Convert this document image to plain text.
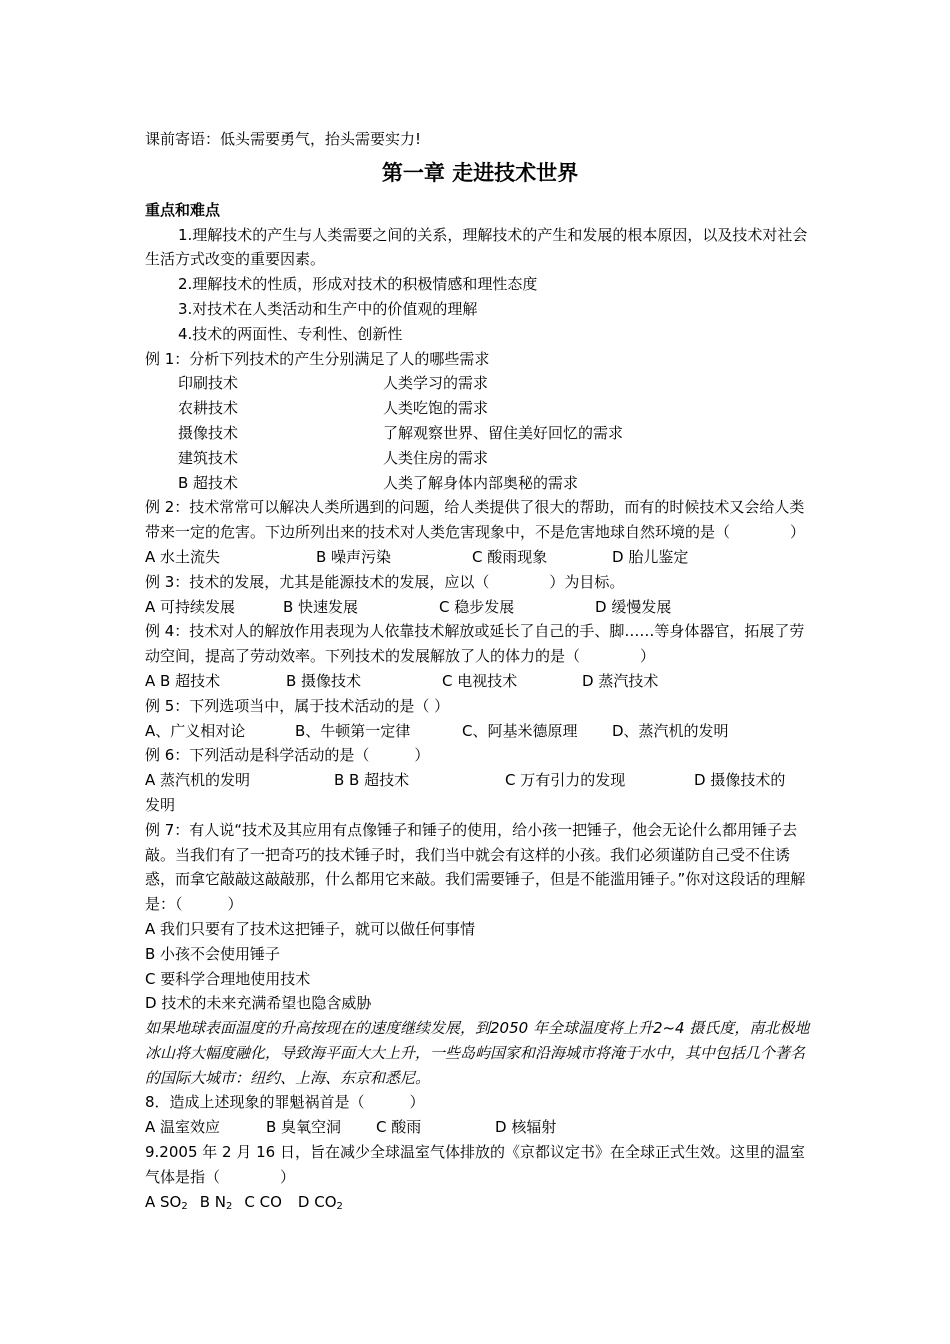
课前寄语：低头需要勇气，抬头需要实力!
第一章 走进技术世界
重点和难点
1.理解技术的产生与人类需要之间的关系，理解技术的产生和发展的根本原因，以及技术对社会生活方式改变的重要因素。
2.理解技术的性质，形成对技术的积极情感和理性态度
3.对技术在人类活动和生产中的价值观的理解
4.技术的两面性、专利性、创新性
例 1：分析下列技术的产生分别满足了人的哪些需求
印刷技术	人类学习的需求
农耕技术	人类吃饱的需求
摄像技术	了解观察世界、留住美好回忆的需求
建筑技术	人类住房的需求
B 超技术	人类了解身体内部奥秘的需求
例 2：技术常常可以解决人类所遇到的问题，给人类提供了很大的帮助，而有的时候技术又会给人类带来一定的危害。下边所列出来的技术对人类危害现象中，不是危害地球自然环境的是（　　　　）
A 水土流失	B 噪声污染	C 酸雨现象	D 胎儿鉴定
例 3：技术的发展，尤其是能源技术的发展，应以（　　　　）为目标。
A 可持续发展	B 快速发展	C 稳步发展	D 缓慢发展
例 4：技术对人的解放作用表现为人依靠技术解放或延长了自己的手、脚……等身体器官，拓展了劳动空间，提高了劳动效率。下列技术的发展解放了人的体力的是（　　　　）
A B 超技术	B 摄像技术	C 电视技术	D 蒸汽技术
例 5：下列选项当中，属于技术活动的是（ ）
A、广义相对论	B、牛顿第一定律	C、阿基米德原理	D、蒸汽机的发明
例 6：下列活动是科学活动的是（　　　）
A 蒸汽机的发明	B B 超技术	C 万有引力的发现	D 摄像技术的
发明
例 7：有人说“技术及其应用有点像锤子和锤子的使用，给小孩一把锤子，他会无论什么都用锤子去敲。当我们有了一把奇巧的技术锤子时，我们当中就会有这样的小孩。我们必须谨防自己受不住诱惑，而拿它敲敲这敲敲那，什么都用它来敲。我们需要锤子，但是不能滥用锤子。”你对这段话的理解是：（　　　）
A 我们只要有了技术这把锤子，就可以做任何事情
B 小孩不会使用锤子
C 要科学合理地使用技术
D 技术的未来充满希望也隐含威胁
如果地球表面温度的升高按现在的速度继续发展，到2050 年全球温度将上升2~4 摄氏度，南北极地冰山将大幅度融化，导致海平面大大上升，一些岛屿国家和沿海城市将淹于水中，其中包括几个著名的国际大城市：纽约、上海、东京和悉尼。
8．造成上述现象的罪魁祸首是（　　　）
A 温室效应	B 臭氧空洞	C 酸雨	D 核辐射
9.2005 年 2 月 16 日，旨在减少全球温室气体排放的《京都议定书》在全球正式生效。这里的温室气体是指（　　　　）
A $SO_2$ B $N_2$ C CO D $CO_2$
